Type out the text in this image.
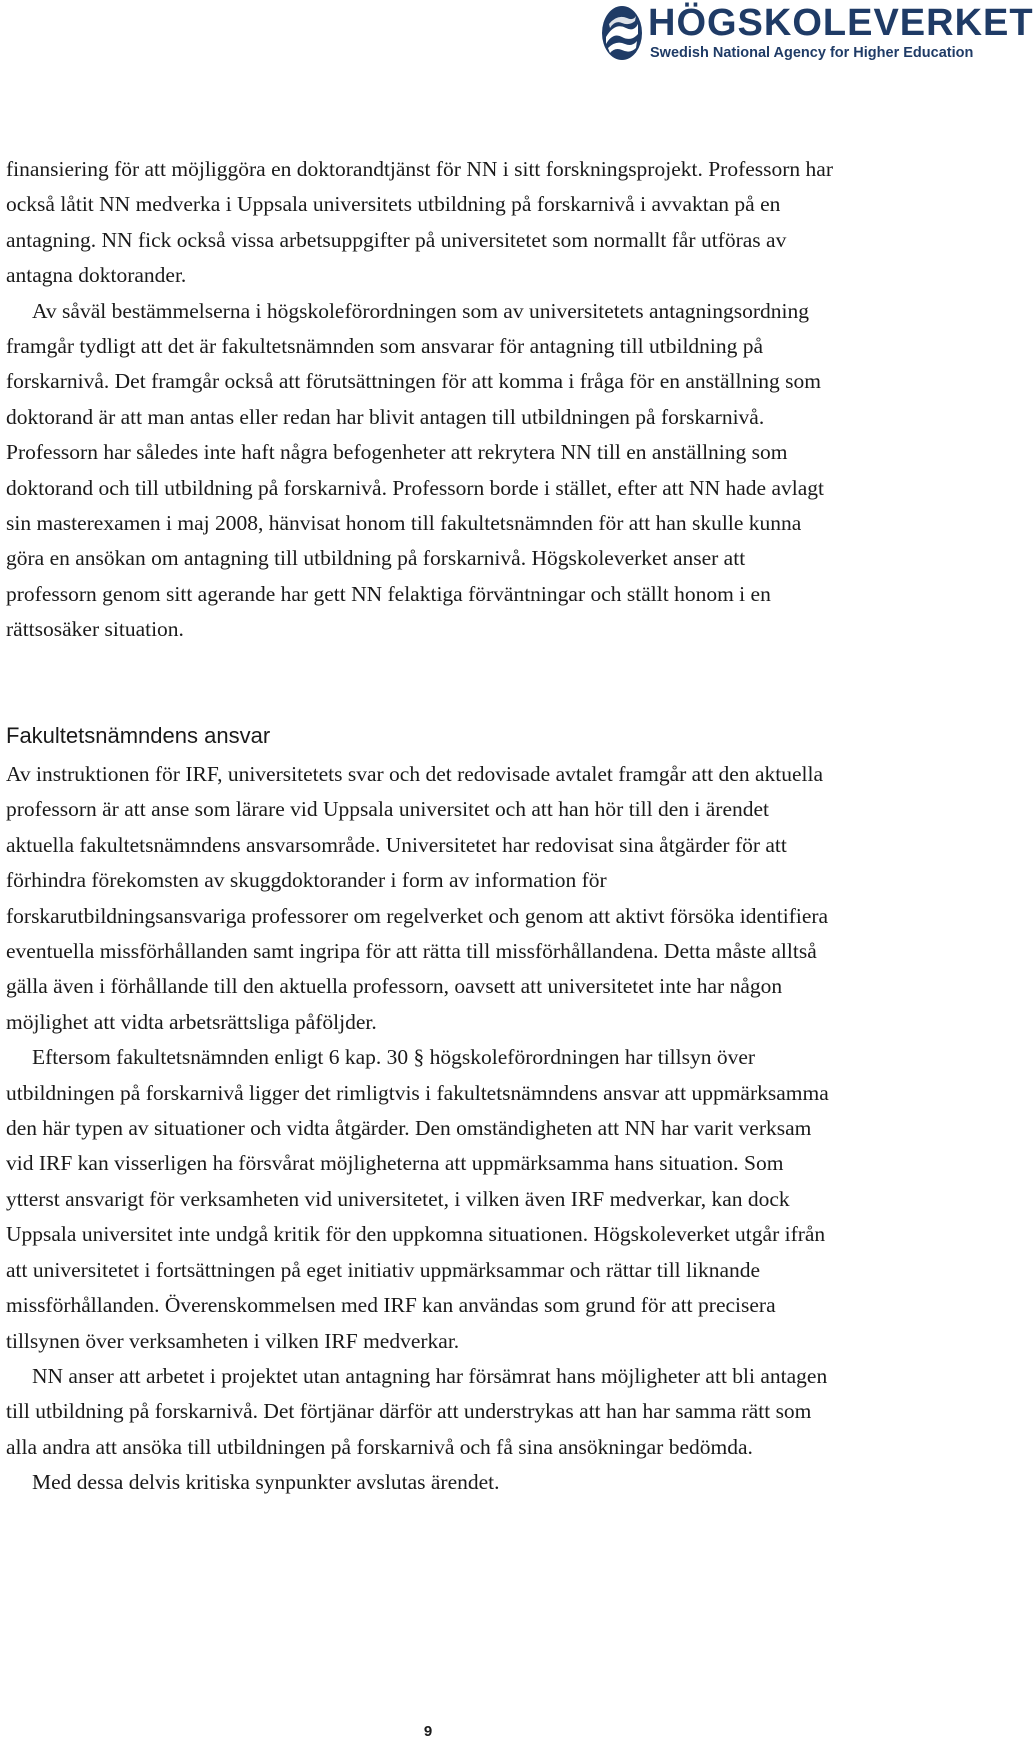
HÖGSKOLEVERKET
Swedish National Agency for Higher Education

finansiering för att möjliggöra en doktorandtjänst för NN i sitt forskningsprojekt. Professorn har också låtit NN medverka i Uppsala universitets utbildning på forskarnivå i avvaktan på en antagning. NN fick också vissa arbetsuppgifter på universitetet som normallt får utföras av antagna doktorander.

Av såväl bestämmelserna i högskoleförordningen som av universitetets antagningsordning framgår tydligt att det är fakultetsnämnden som ansvarar för antagning till utbildning på forskarnivå. Det framgår också att förutsättningen för att komma i fråga för en anställning som doktorand är att man antas eller redan har blivit antagen till utbildningen på forskarnivå. Professorn har således inte haft några befogenheter att rekrytera NN till en anställning som doktorand och till utbildning på forskarnivå. Professorn borde i stället, efter att NN hade avlagt sin masterexamen i maj 2008, hänvisat honom till fakultetsnämnden för att han skulle kunna göra en ansökan om antagning till utbildning på forskarnivå. Högskoleverket anser att professorn genom sitt agerande har gett NN felaktiga förväntningar och ställt honom i en rättsosäker situation.

Fakultetsnämndens ansvar

Av instruktionen för IRF, universitetets svar och det redovisade avtalet framgår att den aktuella professorn är att anse som lärare vid Uppsala universitet och att han hör till den i ärendet aktuella fakultetsnämndens ansvarsområde. Universitetet har redovisat sina åtgärder för att förhindra förekomsten av skuggdoktorander i form av information för forskarutbildningsansvariga professorer om regelverket och genom att aktivt försöka identifiera eventuella missförhållanden samt ingripa för att rätta till missförhållandena. Detta måste alltså gälla även i förhållande till den aktuella professorn, oavsett att universitetet inte har någon möjlighet att vidta arbetsrättsliga påföljder.

Eftersom fakultetsnämnden enligt 6 kap. 30 § högskoleförordningen har tillsyn över utbildningen på forskarnivå ligger det rimligtvis i fakultetsnämndens ansvar att uppmärksamma den här typen av situationer och vidta åtgärder. Den omständigheten att NN har varit verksam vid IRF kan visserligen ha försvårat möjligheterna att uppmärksamma hans situation. Som ytterst ansvarigt för verksamheten vid universitetet, i vilken även IRF medverkar, kan dock Uppsala universitet inte undgå kritik för den uppkomna situationen. Högskoleverket utgår ifrån att universitetet i fortsättningen på eget initiativ uppmärksammar och rättar till liknande missförhållanden. Överenskommelsen med IRF kan användas som grund för att precisera tillsynen över verksamheten i vilken IRF medverkar.

NN anser att arbetet i projektet utan antagning har försämrat hans möjligheter att bli antagen till utbildning på forskarnivå. Det förtjänar därför att understrykas att han har samma rätt som alla andra att ansöka till utbildningen på forskarnivå och få sina ansökningar bedömda.

Med dessa delvis kritiska synpunkter avslutas ärendet.

9
